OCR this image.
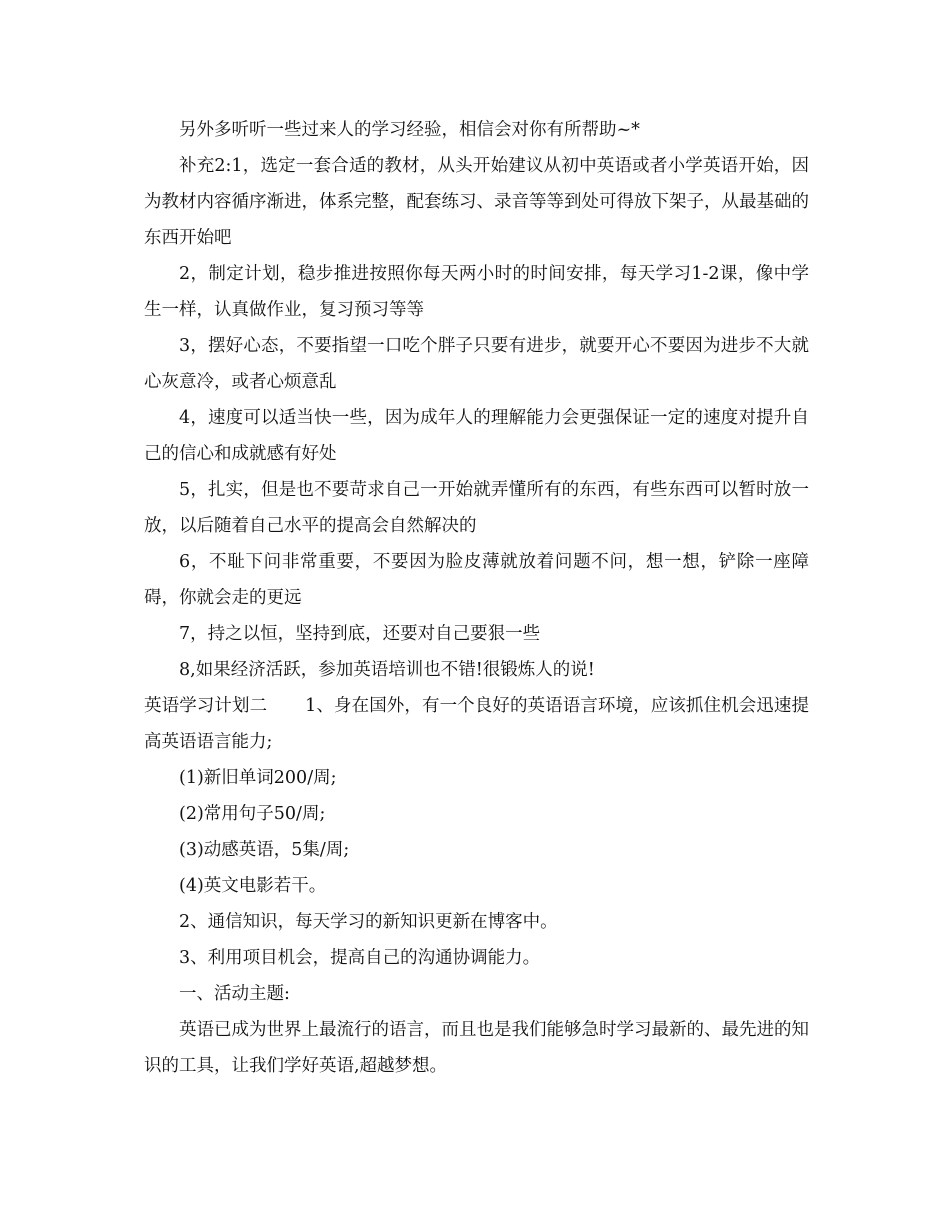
另外多听听一些过来人的学习经验，相信会对你有所帮助~*

补充2:1，选定一套合适的教材，从头开始建议从初中英语或者小学英语开始，因为教材内容循序渐进，体系完整，配套练习、录音等等到处可得放下架子，从最基础的东西开始吧

2，制定计划，稳步推进按照你每天两小时的时间安排，每天学习1-2课，像中学生一样，认真做作业，复习预习等等

3，摆好心态，不要指望一口吃个胖子只要有进步，就要开心不要因为进步不大就心灰意冷，或者心烦意乱

4，速度可以适当快一些，因为成年人的理解能力会更强保证一定的速度对提升自己的信心和成就感有好处

5，扎实，但是也不要苛求自己一开始就弄懂所有的东西，有些东西可以暂时放一放，以后随着自己水平的提高会自然解决的

6，不耻下问非常重要，不要因为脸皮薄就放着问题不问，想一想，铲除一座障碍，你就会走的更远

7，持之以恒，坚持到底，还要对自己要狠一些

8,如果经济活跃，参加英语培训也不错!很锻炼人的说!

英语学习计划二 1、身在国外，有一个良好的英语语言环境，应该抓住机会迅速提高英语语言能力;

(1)新旧单词200/周;

(2)常用句子50/周;

(3)动感英语，5集/周;

(4)英文电影若干。

2、通信知识，每天学习的新知识更新在博客中。

3、利用项目机会，提高自己的沟通协调能力。

一、活动主题:

英语已成为世界上最流行的语言，而且也是我们能够急时学习最新的、最先进的知识的工具，让我们学好英语,超越梦想。
